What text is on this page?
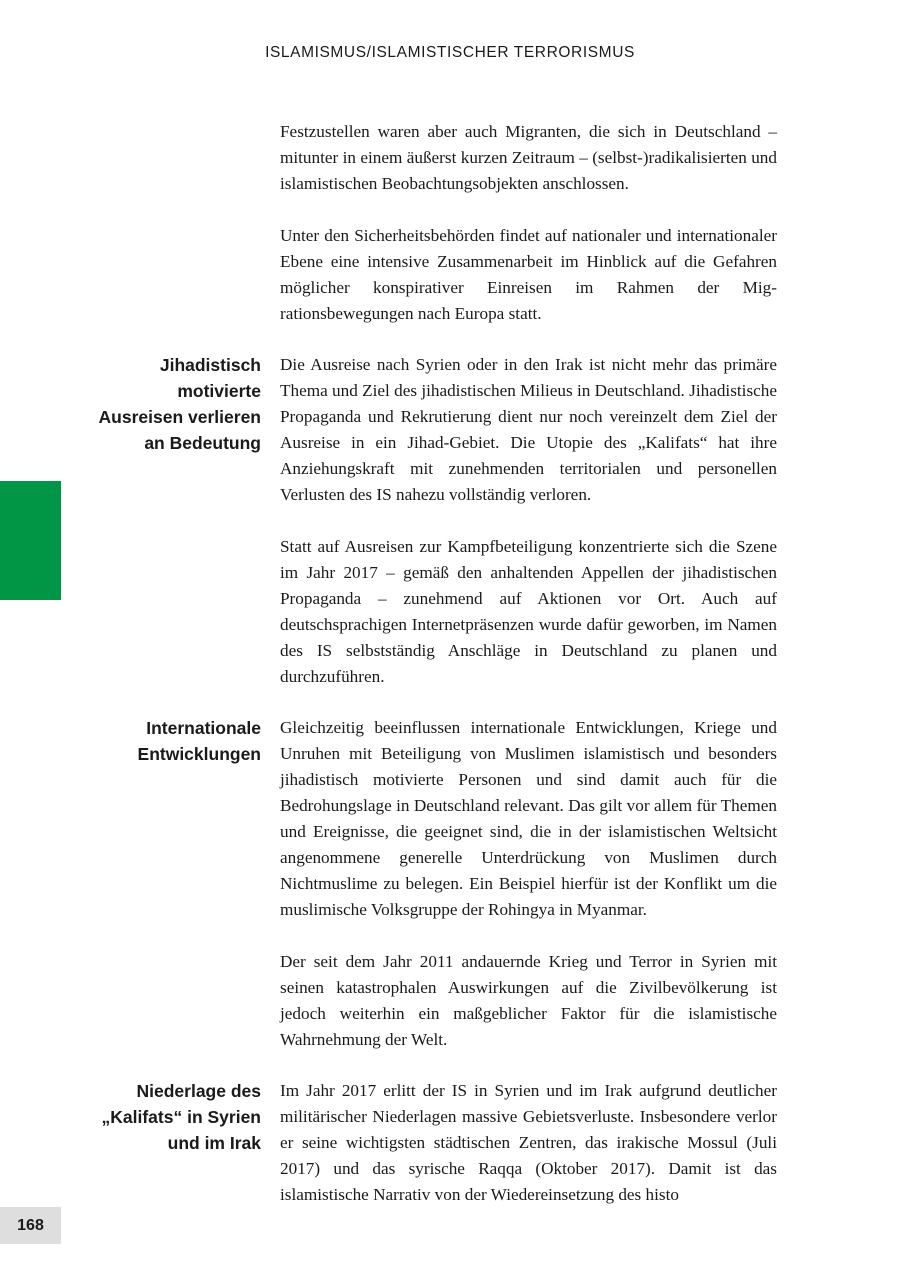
ISLAMISMUS/ISLAMISTISCHER TERRORISMUS

Festzustellen waren aber auch Migranten, die sich in Deutschland – mitunter in einem äußerst kurzen Zeitraum – (selbst-)radikalisierten und islamistischen Beobachtungsobjekten anschlossen.

Unter den Sicherheitsbehörden findet auf nationaler und internationaler Ebene eine intensive Zusammenarbeit im Hinblick auf die Gefahren möglicher konspirativer Einreisen im Rahmen der Migrationsbewegungen nach Europa statt.

Jihadistisch
motivierte
Ausreisen verlieren
an Bedeutung

Die Ausreise nach Syrien oder in den Irak ist nicht mehr das primäre Thema und Ziel des jihadistischen Milieus in Deutschland. Jihadistische Propaganda und Rekrutierung dient nur noch vereinzelt dem Ziel der Ausreise in ein Jihad-Gebiet. Die Utopie des „Kalifats“ hat ihre Anziehungskraft mit zunehmenden territorialen und personellen Verlusten des IS nahezu vollständig verloren.

Statt auf Ausreisen zur Kampfbeteiligung konzentrierte sich die Szene im Jahr 2017 – gemäß den anhaltenden Appellen der jihadistischen Propaganda – zunehmend auf Aktionen vor Ort. Auch auf deutschsprachigen Internetpräsenzen wurde dafür geworben, im Namen des IS selbstständig Anschläge in Deutschland zu planen und durchzuführen.

Internationale
Entwicklungen

Gleichzeitig beeinflussen internationale Entwicklungen, Kriege und Unruhen mit Beteiligung von Muslimen islamistisch und besonders jihadistisch motivierte Personen und sind damit auch für die Bedrohungslage in Deutschland relevant. Das gilt vor allem für Themen und Ereignisse, die geeignet sind, die in der islamistischen Weltsicht angenommene generelle Unterdrückung von Muslimen durch Nichtmuslime zu belegen. Ein Beispiel hierfür ist der Konflikt um die muslimische Volksgruppe der Rohingya in Myanmar.

Der seit dem Jahr 2011 andauernde Krieg und Terror in Syrien mit seinen katastrophalen Auswirkungen auf die Zivilbevölkerung ist jedoch weiterhin ein maßgeblicher Faktor für die islamistische Wahrnehmung der Welt.

Niederlage des
„Kalifats“ in Syrien
und im Irak

Im Jahr 2017 erlitt der IS in Syrien und im Irak aufgrund deutlicher militärischer Niederlagen massive Gebietsverluste. Insbesondere verlor er seine wichtigsten städtischen Zentren, das irakische Mossul (Juli 2017) und das syrische Raqqa (Oktober 2017). Damit ist das islamistische Narrativ von der Wiedereinsetzung des histo

168
